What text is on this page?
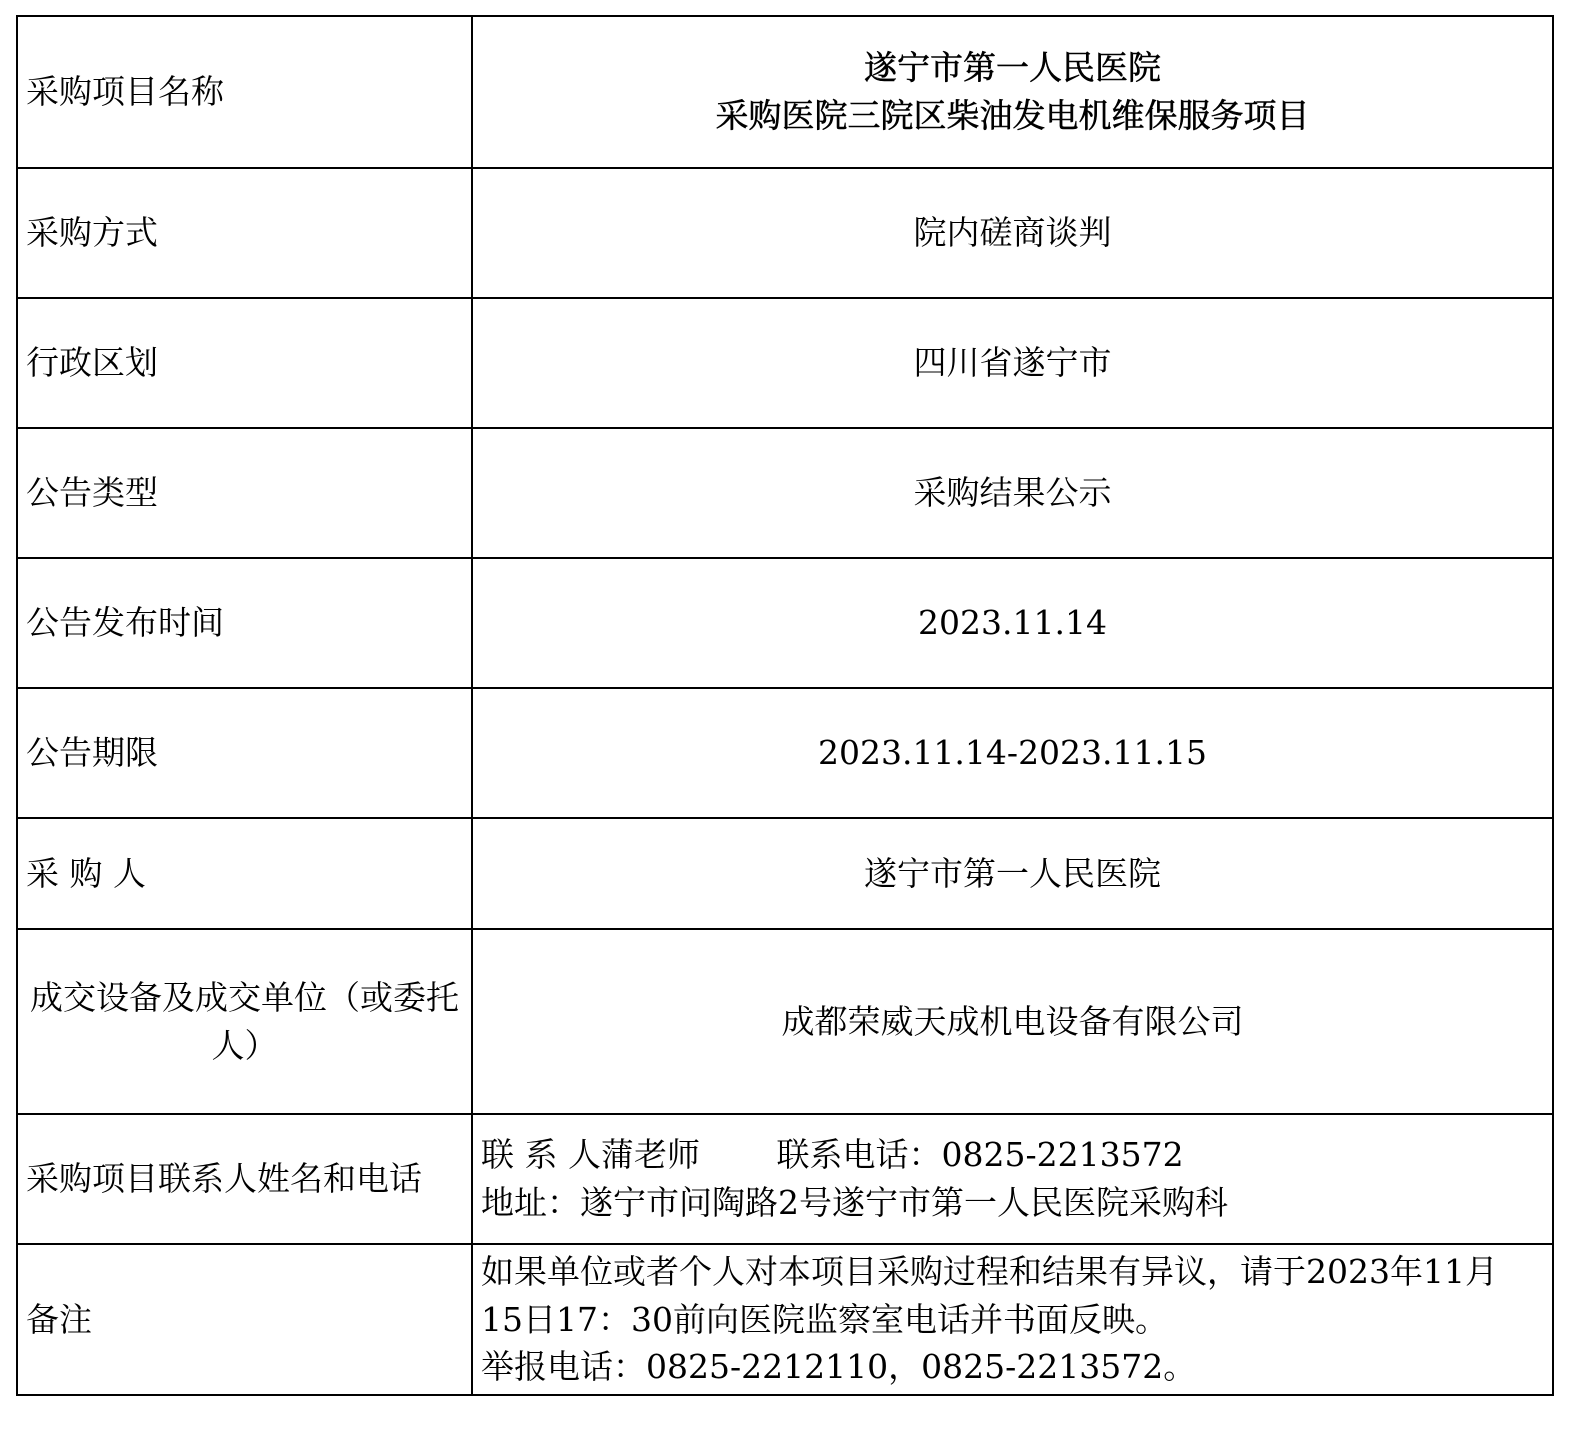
采购项目名称	遂宁市第一人民医院
采购医院三院区柴油发电机维保服务项目

采购方式	院内磋商谈判
行政区划	四川省遂宁市
公告类型	采购结果公示
公告发布时间	2023.11.14
公告期限	2023.11.14-2023.11.15
采 购 人	遂宁市第一人民医院
成交设备及成交单位（或委托人）	成都荣威天成机电设备有限公司
采购项目联系人姓名和电话	联 系 人蒲老师　　 联系电话：0825-2213572
地址：遂宁市问陶路2号遂宁市第一人民医院采购科

备注	如果单位或者个人对本项目采购过程和结果有异议，请于2023年11月
15日17：30前向医院监察室电话并书面反映。
举报电话：0825-2212110，0825-2213572。
